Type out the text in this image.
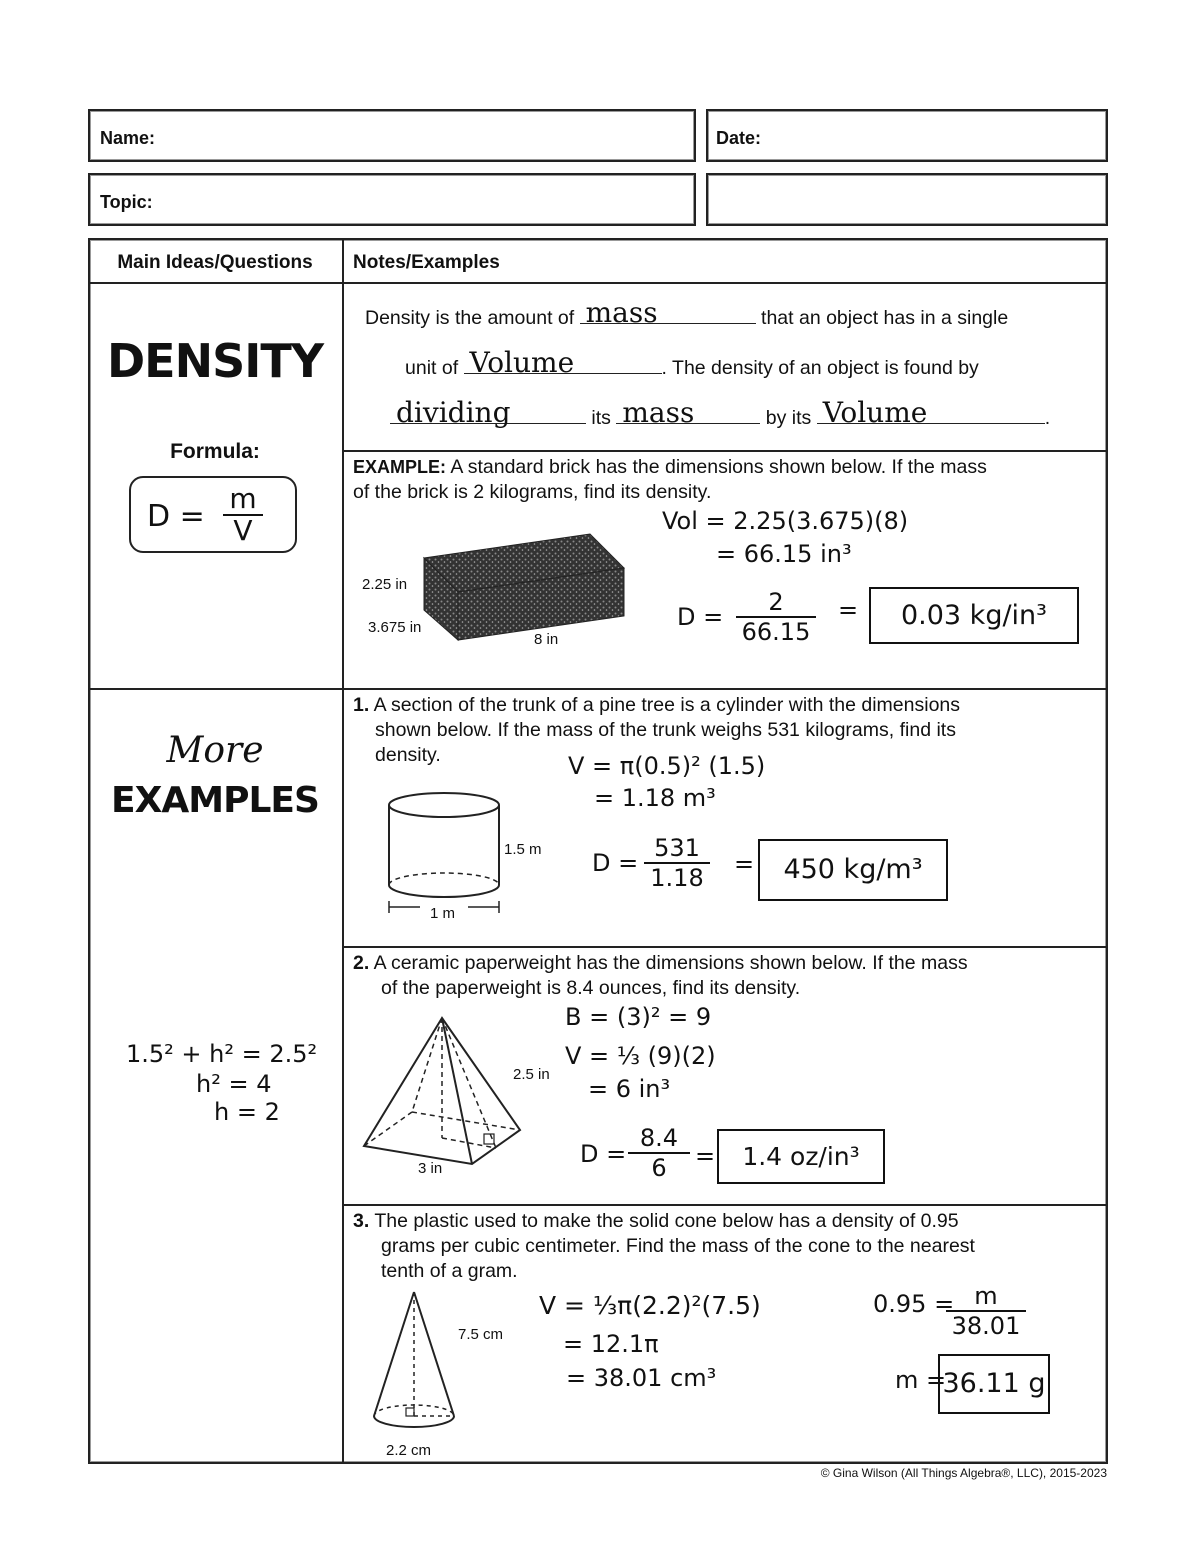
Name:	Date:
Topic:
Main Ideas/Questions	Notes/Examples
DENSITY
Formula:
$D = \frac{m}{V}$
More
EXAMPLES
1.5² + h² = 2.5²
h² = 4
h = 2
Density is the amount of mass	that an object has in a single
unit of Volume	. The density of an object is found by
dividing	its mass	by its Volume	.
EXAMPLE: A standard brick has the dimensions shown below. If the mass
of the brick is 2 kilograms, find its density.
2.25 in
3.675 in
8 in
Vol = 2.25(3.675)(8)
= 66.15 in³
$D = \frac{2}{66.15}$ =	0.03 kg/in³
1. A section of the trunk of a pine tree is a cylinder with the dimensions
shown below. If the mass of the trunk weighs 531 kilograms, find its
density.
1.5 m
1 m
V = π(0.5)² (1.5)
= 1.18 m³
$D = \frac{531}{1.18}$ =	450 kg/m³
2. A ceramic paperweight has the dimensions shown below. If the mass
of the paperweight is 8.4 ounces, find its density.
2.5 in
3 in
B = (3)² = 9
V = ⅓ (9)(2)
= 6 in³
$D = \frac{8.4}{6}$ =	1.4 oz/in³
3. The plastic used to make the solid cone below has a density of 0.95
grams per cubic centimeter. Find the mass of the cone to the nearest
tenth of a gram.
7.5 cm
2.2 cm
V = ⅓π(2.2)²(7.5)
= 12.1π
= 38.01 cm³
0.95 =
$\frac{m}{38.01}$
m =
36.11 g
© Gina Wilson (All Things Algebra®, LLC), 2015-2023
